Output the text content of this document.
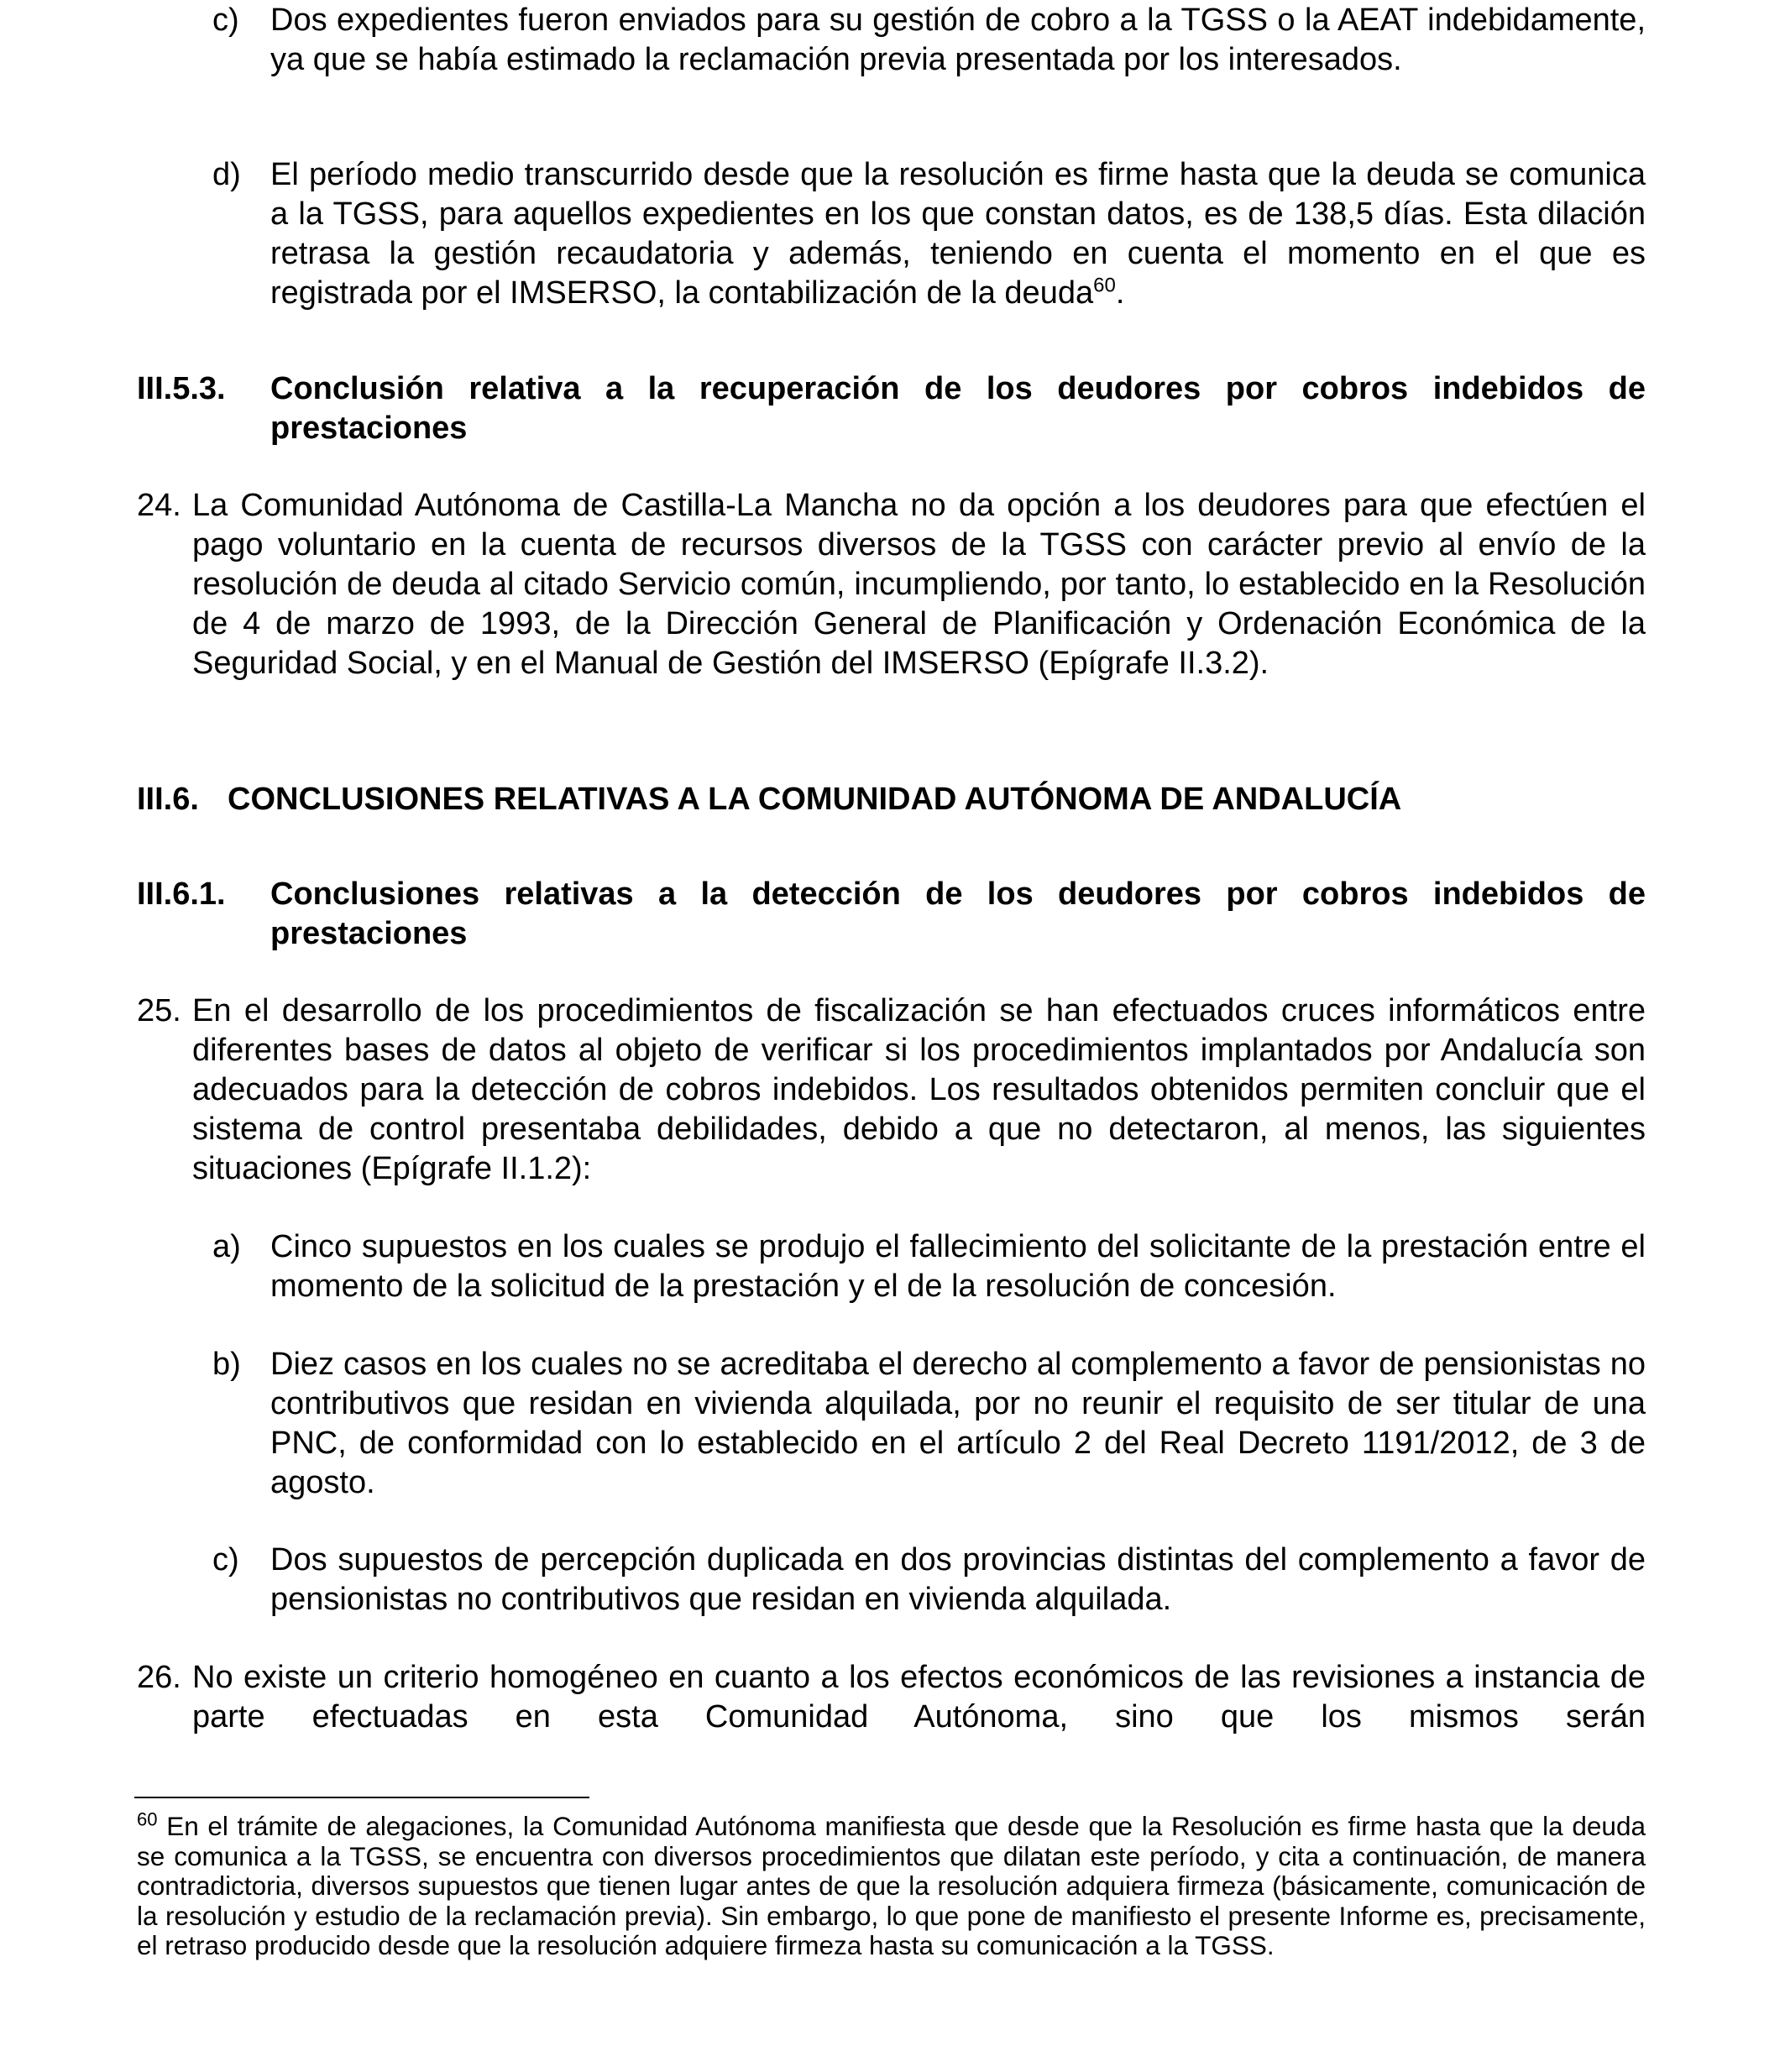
c) Dos expedientes fueron enviados para su gestión de cobro a la TGSS o la AEAT indebidamente, ya que se había estimado la reclamación previa presentada por los interesados.
d) El período medio transcurrido desde que la resolución es firme hasta que la deuda se comunica a la TGSS, para aquellos expedientes en los que constan datos, es de 138,5 días. Esta dilación retrasa la gestión recaudatoria y además, teniendo en cuenta el momento en el que es registrada por el IMSERSO, la contabilización de la deuda$^{60}$.
III.5.3. Conclusión relativa a la recuperación de los deudores por cobros indebidos de prestaciones
24. La Comunidad Autónoma de Castilla-La Mancha no da opción a los deudores para que efectúen el pago voluntario en la cuenta de recursos diversos de la TGSS con carácter previo al envío de la resolución de deuda al citado Servicio común, incumpliendo, por tanto, lo establecido en la Resolución de 4 de marzo de 1993, de la Dirección General de Planificación y Ordenación Económica de la Seguridad Social, y en el Manual de Gestión del IMSERSO (Epígrafe II.3.2).
III.6. CONCLUSIONES RELATIVAS A LA COMUNIDAD AUTÓNOMA DE ANDALUCÍA
III.6.1. Conclusiones relativas a la detección de los deudores por cobros indebidos de prestaciones
25. En el desarrollo de los procedimientos de fiscalización se han efectuados cruces informáticos entre diferentes bases de datos al objeto de verificar si los procedimientos implantados por Andalucía son adecuados para la detección de cobros indebidos. Los resultados obtenidos permiten concluir que el sistema de control presentaba debilidades, debido a que no detectaron, al menos, las siguientes situaciones (Epígrafe II.1.2):
a) Cinco supuestos en los cuales se produjo el fallecimiento del solicitante de la prestación entre el momento de la solicitud de la prestación y el de la resolución de concesión.
b) Diez casos en los cuales no se acreditaba el derecho al complemento a favor de pensionistas no contributivos que residan en vivienda alquilada, por no reunir el requisito de ser titular de una PNC, de conformidad con lo establecido en el artículo 2 del Real Decreto 1191/2012, de 3 de agosto.
c) Dos supuestos de percepción duplicada en dos provincias distintas del complemento a favor de pensionistas no contributivos que residan en vivienda alquilada.
26. No existe un criterio homogéneo en cuanto a los efectos económicos de las revisiones a instancia de parte efectuadas en esta Comunidad Autónoma, sino que los mismos serán
$^{60}$ En el trámite de alegaciones, la Comunidad Autónoma manifiesta que desde que la Resolución es firme hasta que la deuda se comunica a la TGSS, se encuentra con diversos procedimientos que dilatan este período, y cita a continuación, de manera contradictoria, diversos supuestos que tienen lugar antes de que la resolución adquiera firmeza (básicamente, comunicación de la resolución y estudio de la reclamación previa). Sin embargo, lo que pone de manifiesto el presente Informe es, precisamente, el retraso producido desde que la resolución adquiere firmeza hasta su comunicación a la TGSS.
